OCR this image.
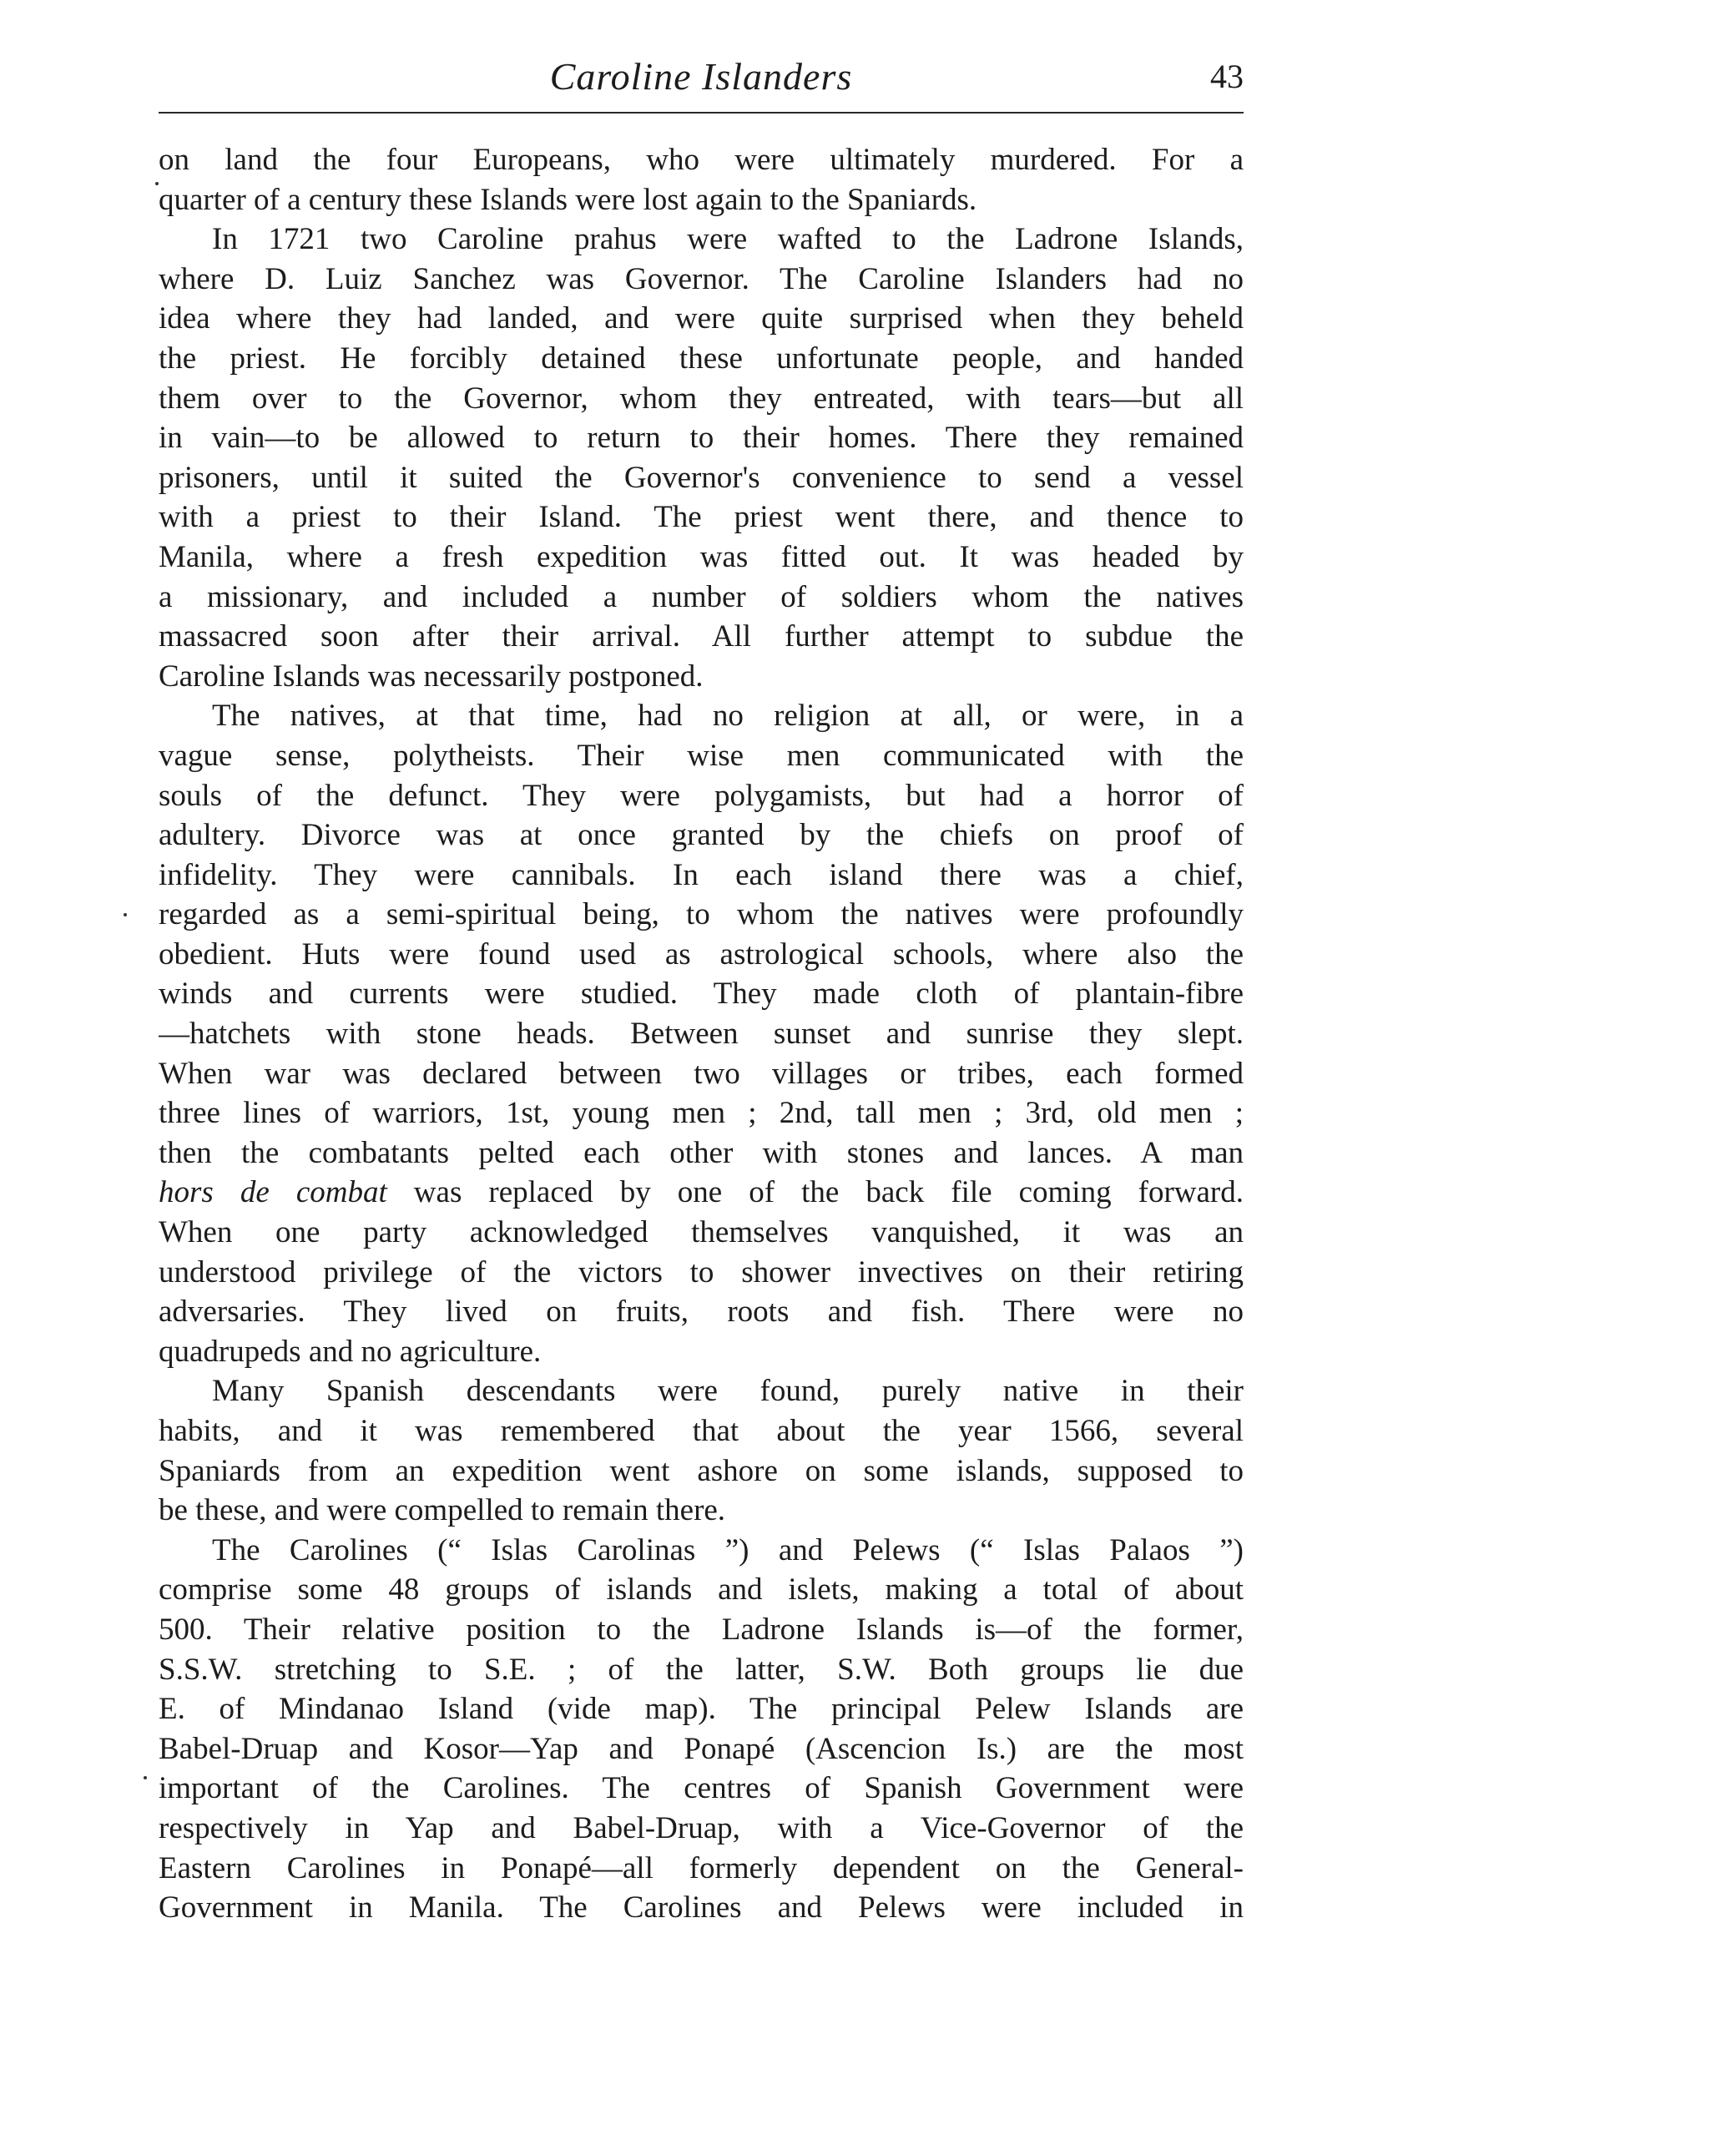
Caroline Islanders	43
on land the four Europeans, who were ultimately murdered. For a
quarter of a century these Islands were lost again to the Spaniards.
In 1721 two Caroline prahus were wafted to the Ladrone Islands,
where D. Luiz Sanchez was Governor. The Caroline Islanders had no
idea where they had landed, and were quite surprised when they beheld
the priest. He forcibly detained these unfortunate people, and handed
them over to the Governor, whom they entreated, with tears—but all
in vain—to be allowed to return to their homes. There they remained
prisoners, until it suited the Governor's convenience to send a vessel
with a priest to their Island. The priest went there, and thence to
Manila, where a fresh expedition was fitted out. It was headed by
a missionary, and included a number of soldiers whom the natives
massacred soon after their arrival. All further attempt to subdue the
Caroline Islands was necessarily postponed.
The natives, at that time, had no religion at all, or were, in a
vague sense, polytheists. Their wise men communicated with the
souls of the defunct. They were polygamists, but had a horror of
adultery. Divorce was at once granted by the chiefs on proof of
infidelity. They were cannibals. In each island there was a chief,
regarded as a semi-spiritual being, to whom the natives were profoundly
obedient. Huts were found used as astrological schools, where also the
winds and currents were studied. They made cloth of plantain-fibre
—hatchets with stone heads. Between sunset and sunrise they slept.
When war was declared between two villages or tribes, each formed
three lines of warriors, 1st, young men ; 2nd, tall men ; 3rd, old men ;
then the combatants pelted each other with stones and lances. A man
hors de combat was replaced by one of the back file coming forward.
When one party acknowledged themselves vanquished, it was an
understood privilege of the victors to shower invectives on their retiring
adversaries. They lived on fruits, roots and fish. There were no
quadrupeds and no agriculture.
Many Spanish descendants were found, purely native in their
habits, and it was remembered that about the year 1566, several
Spaniards from an expedition went ashore on some islands, supposed to
be these, and were compelled to remain there.
The Carolines (“ Islas Carolinas ”) and Pelews (“ Islas Palaos ”)
comprise some 48 groups of islands and islets, making a total of about
500. Their relative position to the Ladrone Islands is—of the former,
S.S.W. stretching to S.E. ; of the latter, S.W. Both groups lie due
E. of Mindanao Island (vide map). The principal Pelew Islands are
Babel-Druap and Kosor—Yap and Ponapé (Ascencion Is.) are the most
important of the Carolines. The centres of Spanish Government were
respectively in Yap and Babel-Druap, with a Vice-Governor of the
Eastern Carolines in Ponapé—all formerly dependent on the General-
Government in Manila. The Carolines and Pelews were included in
